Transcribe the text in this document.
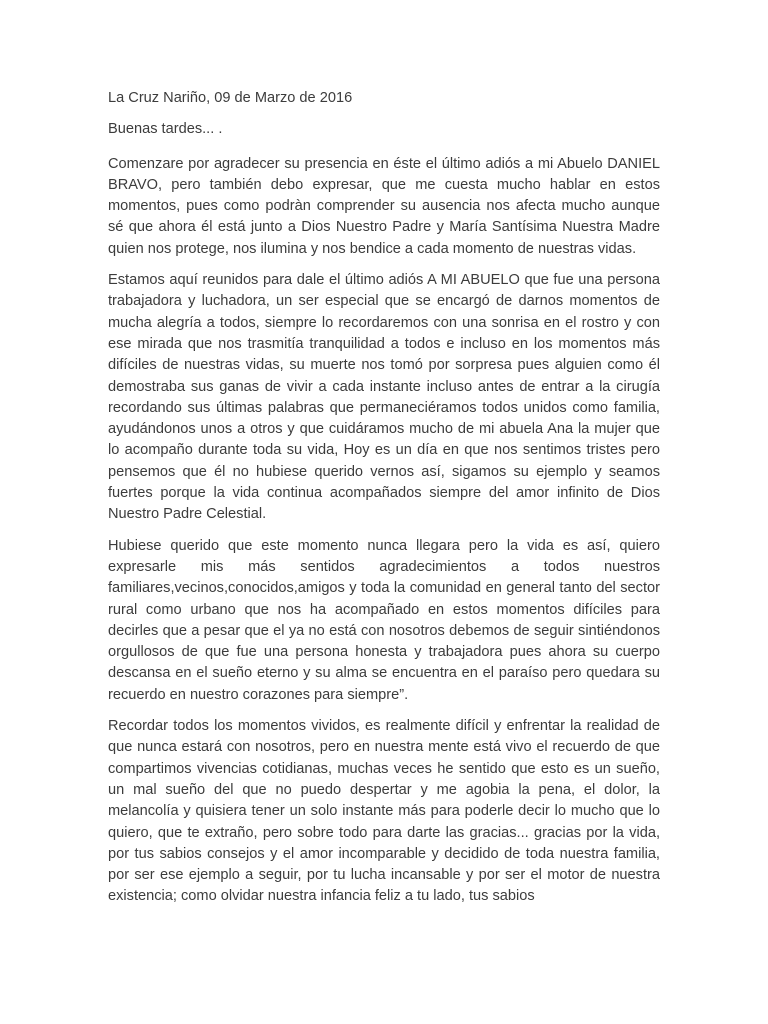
La Cruz Nariño, 09 de Marzo de 2016

Buenas tardes... .

Comenzare por agradecer su presencia en éste el último adiós a mi Abuelo DANIEL BRAVO, pero también debo expresar, que me cuesta mucho hablar en estos momentos, pues como podràn comprender su ausencia nos afecta mucho aunque sé que ahora él está junto a Dios Nuestro Padre y María Santísima Nuestra Madre quien nos protege, nos ilumina y nos bendice a cada momento de nuestras vidas.

Estamos aquí reunidos para dale el último adiós A MI ABUELO que fue una persona trabajadora y luchadora, un ser especial que se encargó de darnos momentos de mucha alegría a todos, siempre lo recordaremos con una sonrisa en el rostro y con ese mirada que nos trasmitía tranquilidad a todos e incluso en los momentos más difíciles de nuestras vidas, su muerte nos tomó por sorpresa pues alguien como él demostraba sus ganas de vivir a cada instante incluso antes de entrar a la cirugía recordando sus últimas palabras que permaneciéramos todos unidos como familia, ayudándonos unos a otros y que cuidáramos mucho de mi abuela Ana la mujer que lo acompaño durante toda su vida, Hoy es un día en que nos sentimos tristes pero pensemos que él no hubiese querido vernos así, sigamos su ejemplo y seamos fuertes porque la vida continua acompañados siempre del amor infinito de Dios Nuestro Padre Celestial.

Hubiese querido que este momento nunca llegara pero la vida es así, quiero expresarle mis más sentidos agradecimientos a todos nuestros familiares,vecinos,conocidos,amigos y toda la comunidad en general tanto del sector rural como urbano que nos ha acompañado en estos momentos difíciles para decirles que a pesar que el ya no está con nosotros debemos de seguir sintiéndonos orgullosos de que fue una persona honesta y trabajadora pues ahora su cuerpo descansa en el sueño eterno y su alma se encuentra en el paraíso pero quedara su recuerdo en nuestro corazones para siempre”.

Recordar todos los momentos vividos, es realmente difícil y enfrentar la realidad de que nunca estará con nosotros, pero en nuestra mente está vivo el recuerdo de que compartimos vivencias cotidianas, muchas veces he sentido que esto es un sueño, un mal sueño del que no puedo despertar y me agobia la pena, el dolor, la melancolía y quisiera tener un solo instante más para poderle decir lo mucho que lo quiero, que te extraño, pero sobre todo para darte las gracias... gracias por la vida, por tus sabios consejos y el amor incomparable y decidido de toda nuestra familia, por ser ese ejemplo a seguir, por tu lucha incansable y por ser el motor de nuestra existencia; como olvidar nuestra infancia feliz a tu lado, tus sabios
